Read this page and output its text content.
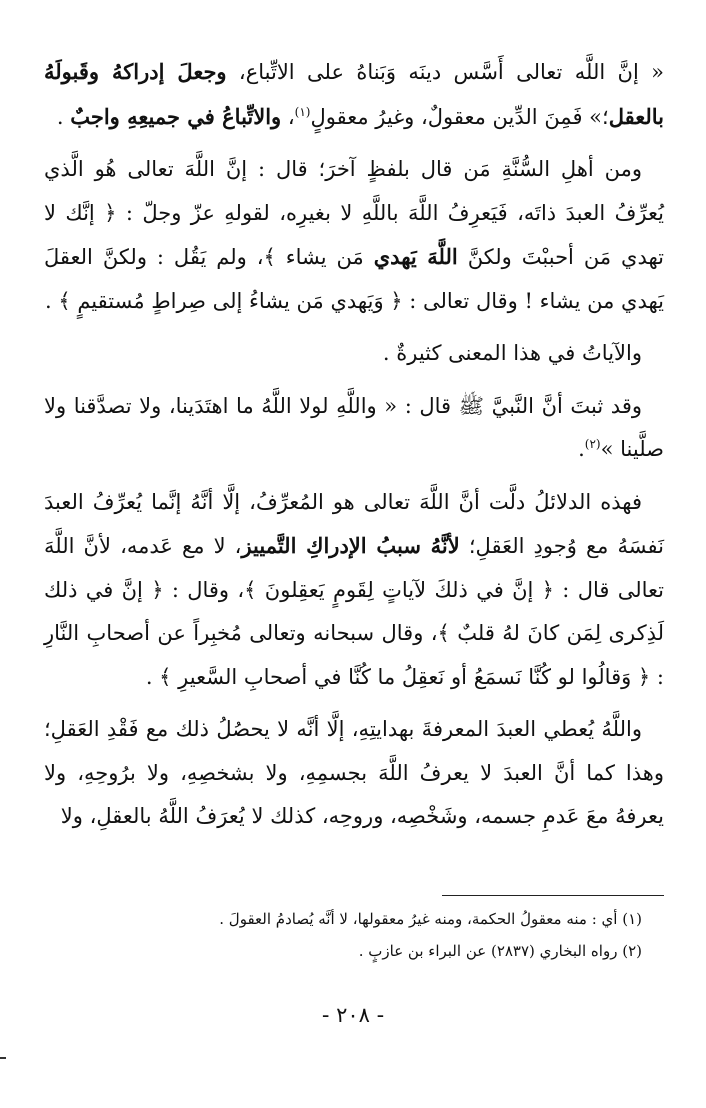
« إنَّ اللَّه تعالى أَسَّس دينَه وَبَناهُ على الاتِّباع، وجعلَ إدراكهُ وقَبولَهُ بالعقل؛» فَمِنَ الدِّين معقولٌ، وغيرُ معقولٍ$^{(١)}$، والاتِّباعُ في جميعِهِ واجبٌ .

ومن أهلِ السُّنَّةِ مَن قال بلفظٍ آخرَ؛ قال : إنَّ اللَّهَ تعالى هُو الَّذي يُعرِّفُ العبدَ ذاتَه، فَيَعرِفُ اللَّهَ باللَّهِ لا بغيرِه، لقولهِ عزّ وجلّ : ﴿ إنَّك لا تهدي مَن أحببْتَ ولكنَّ اللَّهَ يَهدي مَن يشاء ﴾، ولم يَقُل : ولكنَّ العقلَ يَهدي من يشاء ! وقال تعالى : ﴿ وَيَهدي مَن يشاءُ إلى صِراطٍ مُستقيمٍ ﴾ .

والآياتُ في هذا المعنى كثيرةٌ .

وقد ثبتَ أنَّ النَّبيَّ ﷺ قال : « واللَّهِ لولا اللَّهُ ما اهتَدَينا، ولا تصدَّقنا ولا صلَّينا »$^{(٢)}$.

فهذه الدلائلُ دلَّت أنَّ اللَّهَ تعالى هو المُعرِّفُ، إلَّا أنَّهُ إنَّما يُعرِّفُ العبدَ نَفسَهُ مع وُجودِ العَقلِ؛ لأنَّهُ سببُ الإدراكِ التَّمييز، لا مع عَدمه، لأنَّ اللَّهَ تعالى قال : ﴿ إنَّ في ذلكَ لآياتٍ لِقَومٍ يَعقِلونَ ﴾، وقال : ﴿ إنَّ في ذلك لَذِكرى لِمَن كانَ لهُ قلبٌ ﴾، وقال سبحانه وتعالى مُخبِراً عن أصحابِ النَّارِ : ﴿ وَقالُوا لو كُنَّا نَسمَعُ أو نَعقِلُ ما كُنَّا في أصحابِ السَّعيرِ ﴾ .

واللَّهُ يُعطي العبدَ المعرفةَ بهدايتِهِ، إلَّا أنَّه لا يحصُلُ ذلك مع فَقْدِ العَقلِ؛ وهذا كما أنَّ العبدَ لا يعرفُ اللَّهَ بجسمِهِ، ولا بشخصِهِ، ولا برُوحِهِ، ولا يعرفهُ معَ عَدمِ جسمه، وشَخْصِه، وروحِه، كذلك لا يُعرَفُ اللَّهُ بالعقلِ، ولا

(١) أي : منه معقولُ الحكمة، ومنه غيرُ معقولها، لا أنَّه يُصادمُ العقولَ .
(٢) رواه البخاري (٢٨٣٧) عن البراء بن عازبٍ .
- ٢٠٨ -
